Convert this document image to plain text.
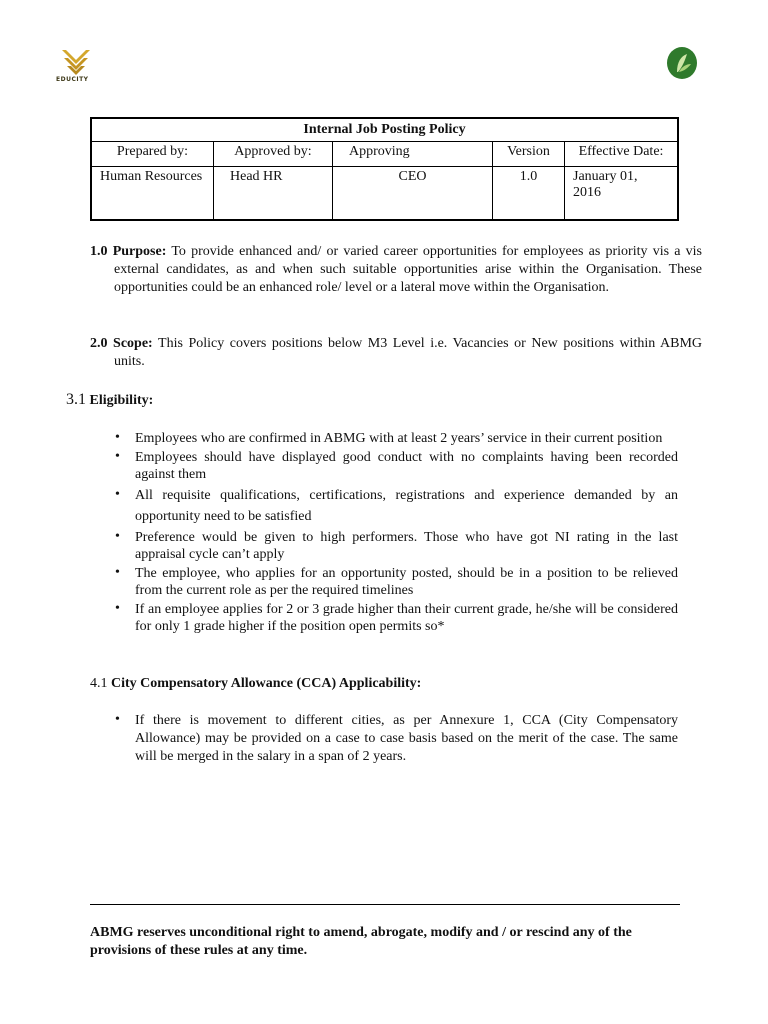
EDUCITY
Internal Job Posting Policy				
Prepared by:	Approved by:	Approving	Version	Effective Date:
Human Resources	Head HR	CEO	1.0	January 01, 2016
1.0 Purpose: To provide enhanced and/ or varied career opportunities for employees as priority vis a vis external candidates, as and when such suitable opportunities arise within the Organisation. These opportunities could be an enhanced role/ level or a lateral move within the Organisation.
2.0 Scope: This Policy covers positions below M3 Level i.e. Vacancies or New positions within ABMG units.
3.1 Eligibility:
• Employees who are confirmed in ABMG with at least 2 years’ service in their current position
• Employees should have displayed good conduct with no complaints having been recorded against them
• All requisite qualifications, certifications, registrations and experience demanded by an opportunity need to be satisfied
• Preference would be given to high performers. Those who have got NI rating in the last appraisal cycle can’t apply
• The employee, who applies for an opportunity posted, should be in a position to be relieved from the current role as per the required timelines
• If an employee applies for 2 or 3 grade higher than their current grade, he/she will be considered for only 1 grade higher if the position open permits so*
4.1 City Compensatory Allowance (CCA) Applicability:
• If there is movement to different cities, as per Annexure 1, CCA (City Compensatory Allowance) may be provided on a case to case basis based on the merit of the case. The same will be merged in the salary in a span of 2 years.
ABMG reserves unconditional right to amend, abrogate, modify and / or rescind any of the provisions of these rules at any time.
